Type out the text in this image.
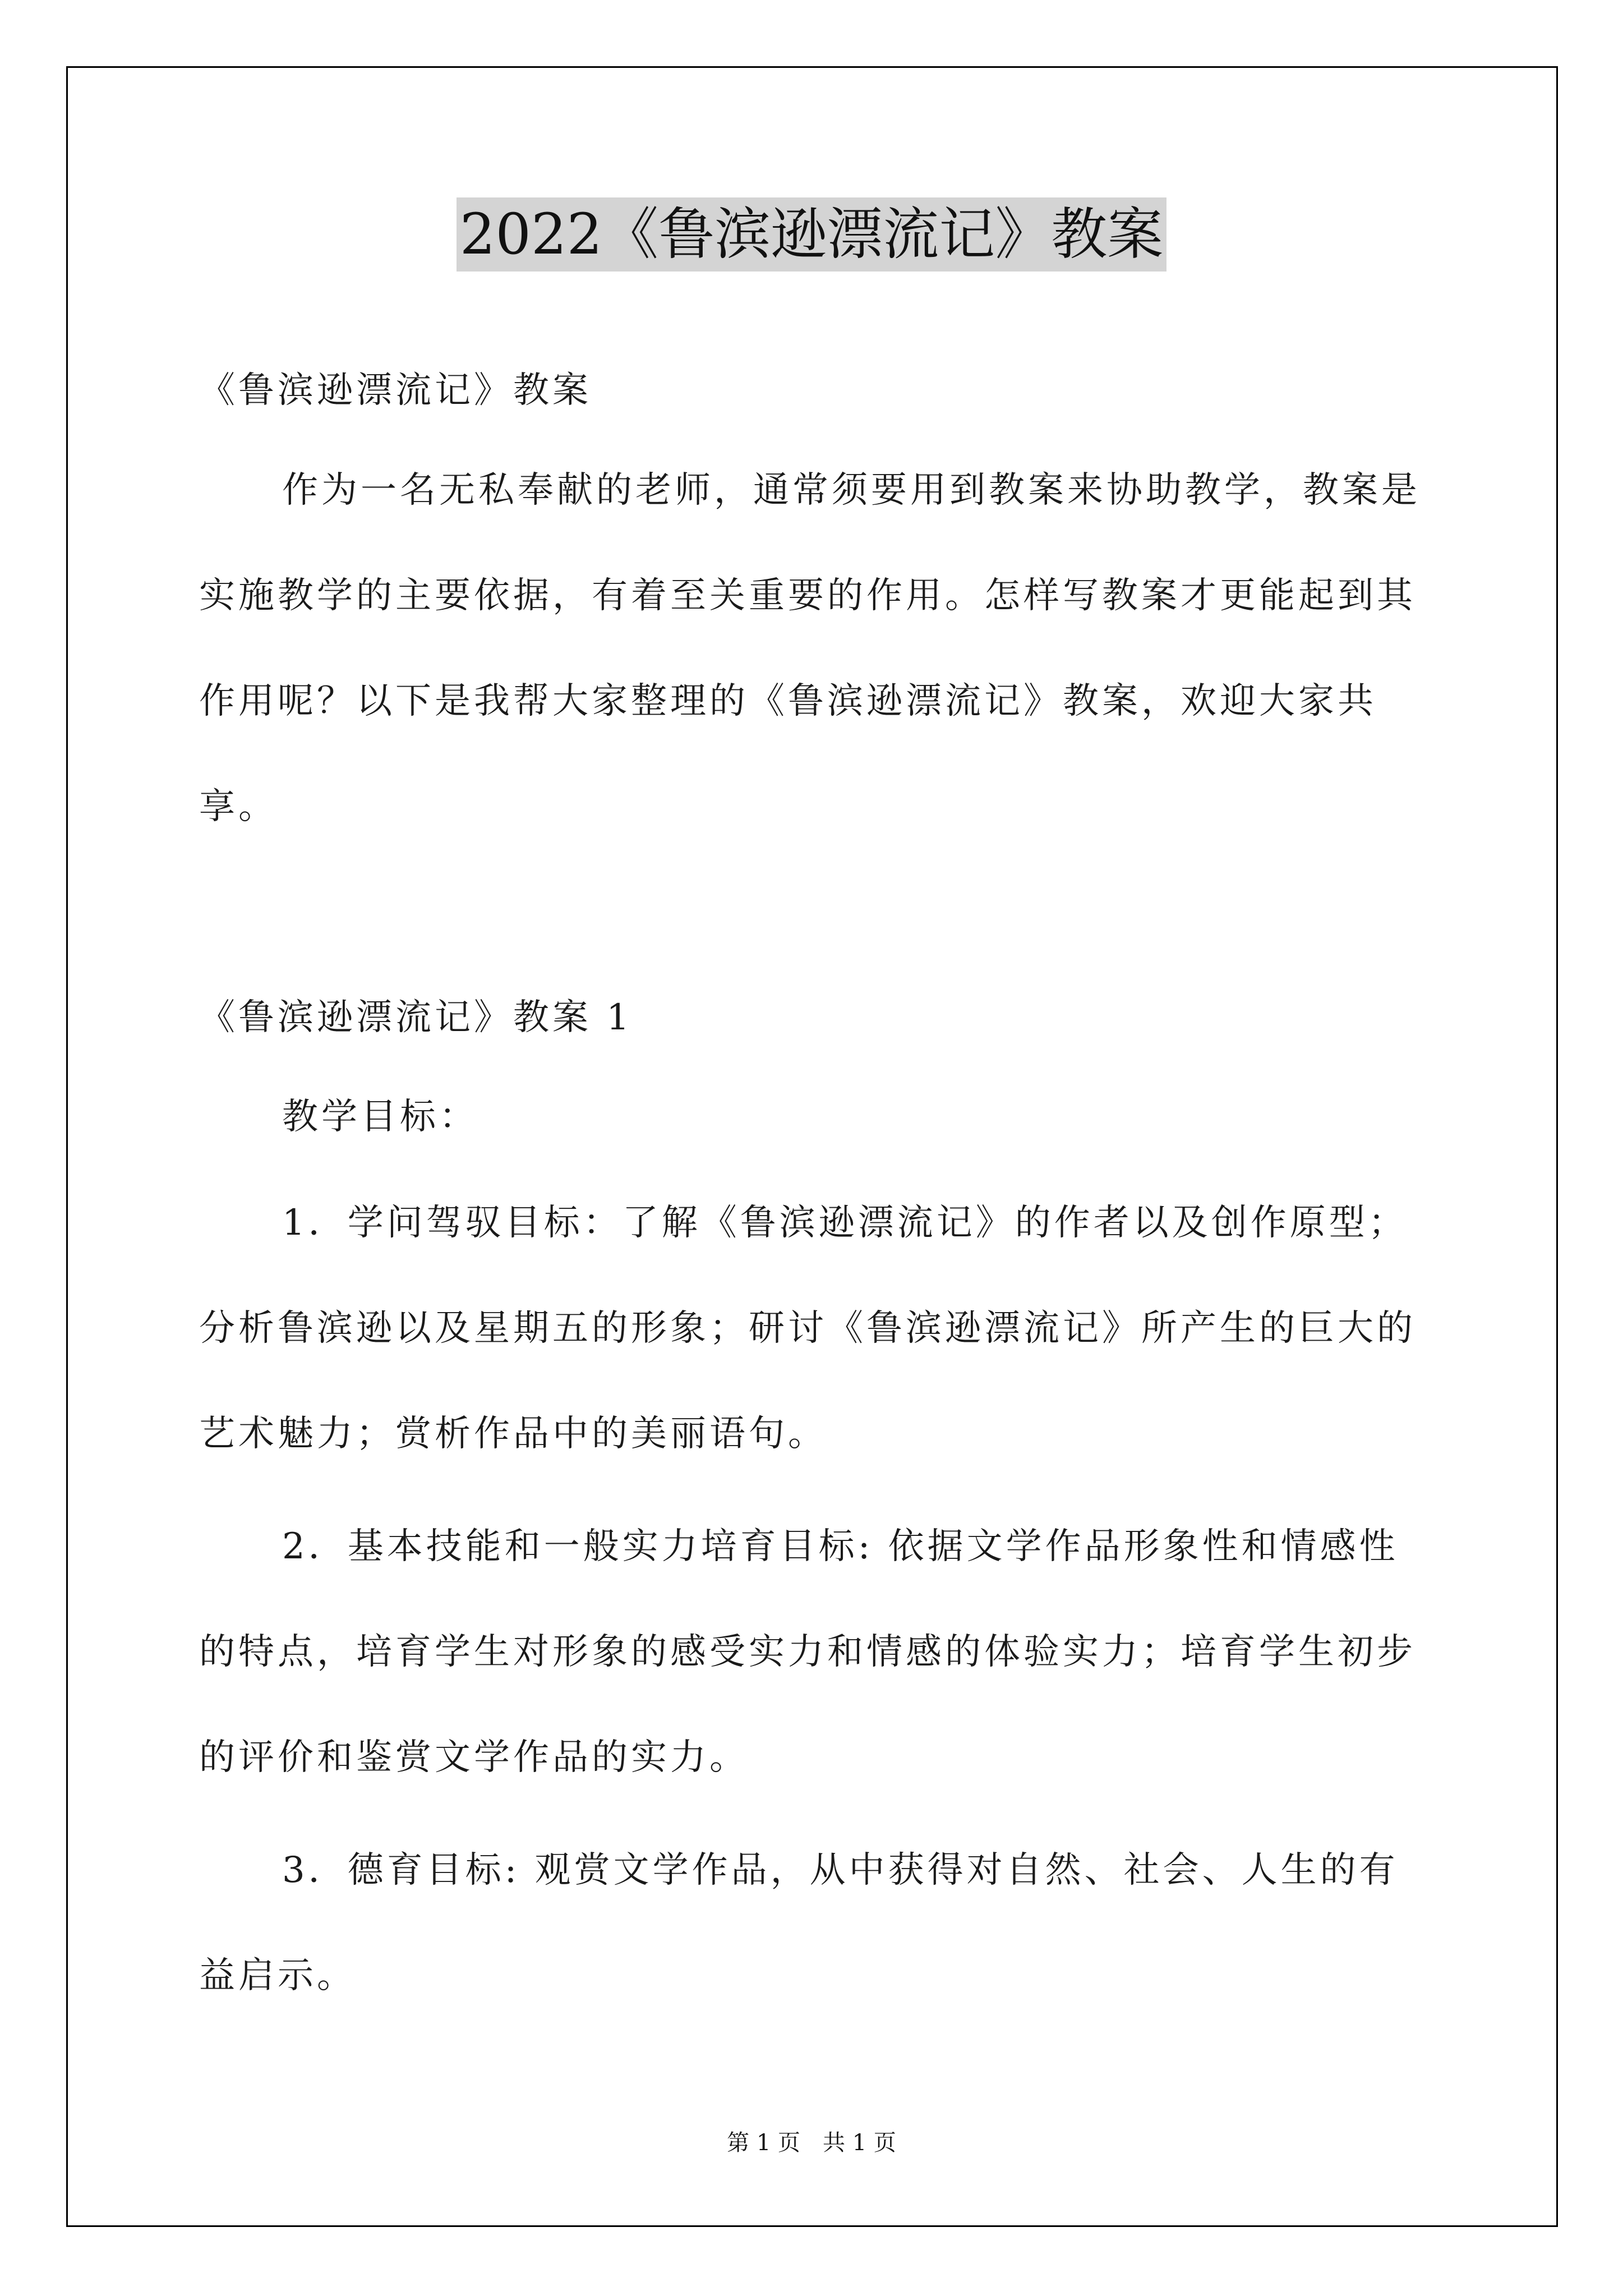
2022《鲁滨逊漂流记》教案

《鲁滨逊漂流记》教案

作为一名无私奉献的老师，通常须要用到教案来协助教学，教案是实施教学的主要依据，有着至关重要的作用。怎样写教案才更能起到其作用呢？以下是我帮大家整理的《鲁滨逊漂流记》教案，欢迎大家共享。

《鲁滨逊漂流记》教案 1

教学目标：

1．学问驾驭目标：了解《鲁滨逊漂流记》的作者以及创作原型；分析鲁滨逊以及星期五的形象；研讨《鲁滨逊漂流记》所产生的巨大的艺术魅力；赏析作品中的美丽语句。

2．基本技能和一般实力培育目标: 依据文学作品形象性和情感性的特点，培育学生对形象的感受实力和情感的体验实力；培育学生初步的评价和鉴赏文学作品的实力。

3．德育目标: 观赏文学作品，从中获得对自然、社会、人生的有益启示。

第 1 页　共 1 页
